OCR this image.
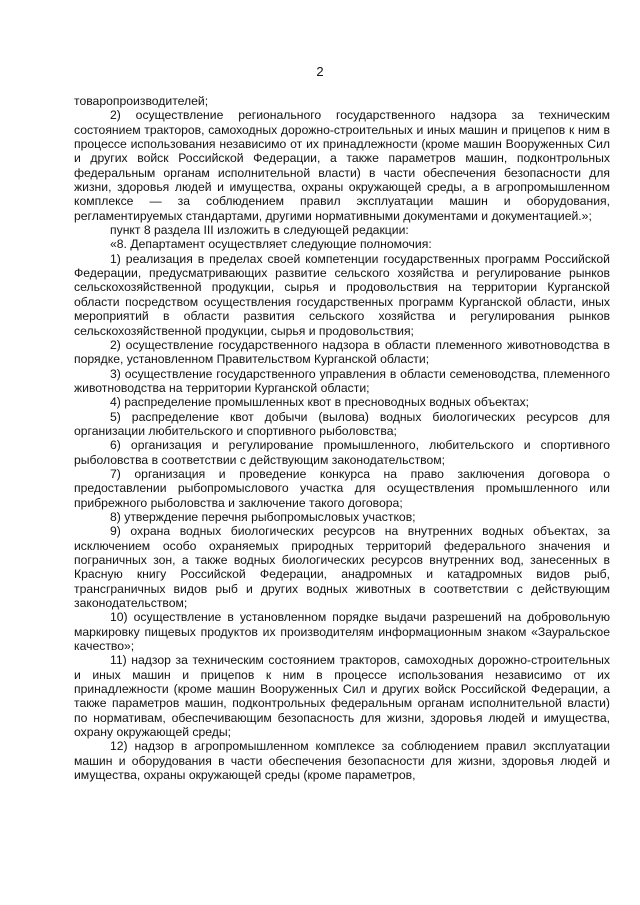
2

товаропроизводителей;

2) осуществление регионального государственного надзора за техническим состоянием тракторов, самоходных дорожно-строительных и иных машин и прицепов к ним в процессе использования независимо от их принадлежности (кроме машин Вооруженных Сил и других войск Российской Федерации, а также параметров машин, подконтрольных федеральным органам исполнительной власти) в части обеспечения безопасности для жизни, здоровья людей и имущества, охраны окружающей среды, а в агропромышленном комплексе — за соблюдением правил эксплуатации машин и оборудования, регламентируемых стандартами, другими нормативными документами и документацией.»;

пункт 8 раздела III изложить в следующей редакции:

«8. Департамент осуществляет следующие полномочия:

1) реализация в пределах своей компетенции государственных программ Российской Федерации, предусматривающих развитие сельского хозяйства и регулирование рынков сельскохозяйственной продукции, сырья и продовольствия на территории Курганской области посредством осуществления государственных программ Курганской области, иных мероприятий в области развития сельского хозяйства и регулирования рынков сельскохозяйственной продукции, сырья и продовольствия;

2) осуществление государственного надзора в области племенного животноводства в порядке, установленном Правительством Курганской области;

3) осуществление государственного управления в области семеноводства, племенного животноводства на территории Курганской области;

4) распределение промышленных квот в пресноводных водных объектах;

5) распределение квот добычи (вылова) водных биологических ресурсов для организации любительского и спортивного рыболовства;

6) организация и регулирование промышленного, любительского и спортивного рыболовства в соответствии с действующим законодательством;

7) организация и проведение конкурса на право заключения договора о предоставлении рыбопромыслового участка для осуществления промышленного или прибрежного рыболовства и заключение такого договора;

8) утверждение перечня рыбопромысловых участков;

9) охрана водных биологических ресурсов на внутренних водных объектах, за исключением особо охраняемых природных территорий федерального значения и пограничных зон, а также водных биологических ресурсов внутренних вод, занесенных в Красную книгу Российской Федерации, анадромных и катадромных видов рыб, трансграничных видов рыб и других водных животных в соответствии с действующим законодательством;

10) осуществление в установленном порядке выдачи разрешений на добровольную маркировку пищевых продуктов их производителям информационным знаком «Зауральское качество»;

11) надзор за техническим состоянием тракторов, самоходных дорожно-строительных и иных машин и прицепов к ним в процессе использования независимо от их принадлежности (кроме машин Вооруженных Сил и других войск Российской Федерации, а также параметров машин, подконтрольных федеральным органам исполнительной власти) по нормативам, обеспечивающим безопасность для жизни, здоровья людей и имущества, охрану окружающей среды;

12) надзор в агропромышленном комплексе за соблюдением правил эксплуатации машин и оборудования в части обеспечения безопасности для жизни, здоровья людей и имущества, охраны окружающей среды (кроме параметров,
